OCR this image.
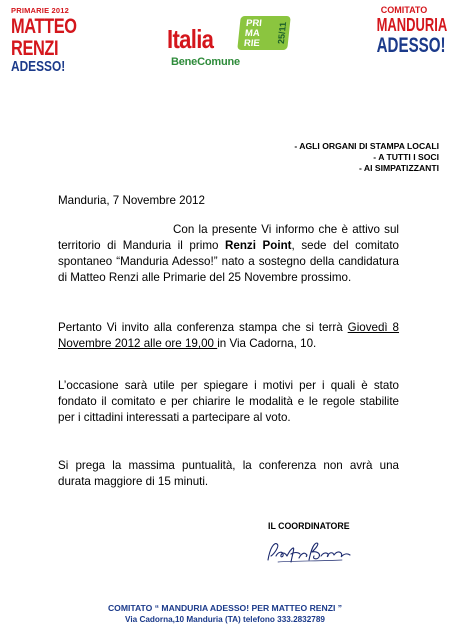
PRIMARIE 2012
MATTEO
RENZI
ADESSO!
Italia
PRI
MA
RIE 25/11
BeneComune
COMITATO
MANDURIA
ADESSO!
- AGLI ORGANI DI STAMPA LOCALI
- A TUTTI I SOCI
- AI SIMPATIZZANTI
Manduria, 7 Novembre 2012
Con la presente Vi informo che è attivo sul territorio di Manduria il primo Renzi Point, sede del comitato spontaneo “Manduria Adesso!” nato a sostegno della candidatura di Matteo Renzi alle Primarie del 25 Novembre prossimo.
Pertanto Vi invito alla conferenza stampa che si terrà Giovedì 8 Novembre 2012 alle ore 19,00 in Via Cadorna, 10.
L’occasione sarà utile per spiegare i motivi per i quali è stato fondato il comitato e per chiarire le modalità e le regole stabilite per i cittadini interessati a partecipare al voto.
Si prega la massima puntualità, la conferenza non avrà una durata maggiore di 15 minuti.
IL COORDINATORE
COMITATO “ MANDURIA ADESSO! PER MATTEO RENZI ”
Via Cadorna,10 Manduria (TA) telefono 333.2832789
